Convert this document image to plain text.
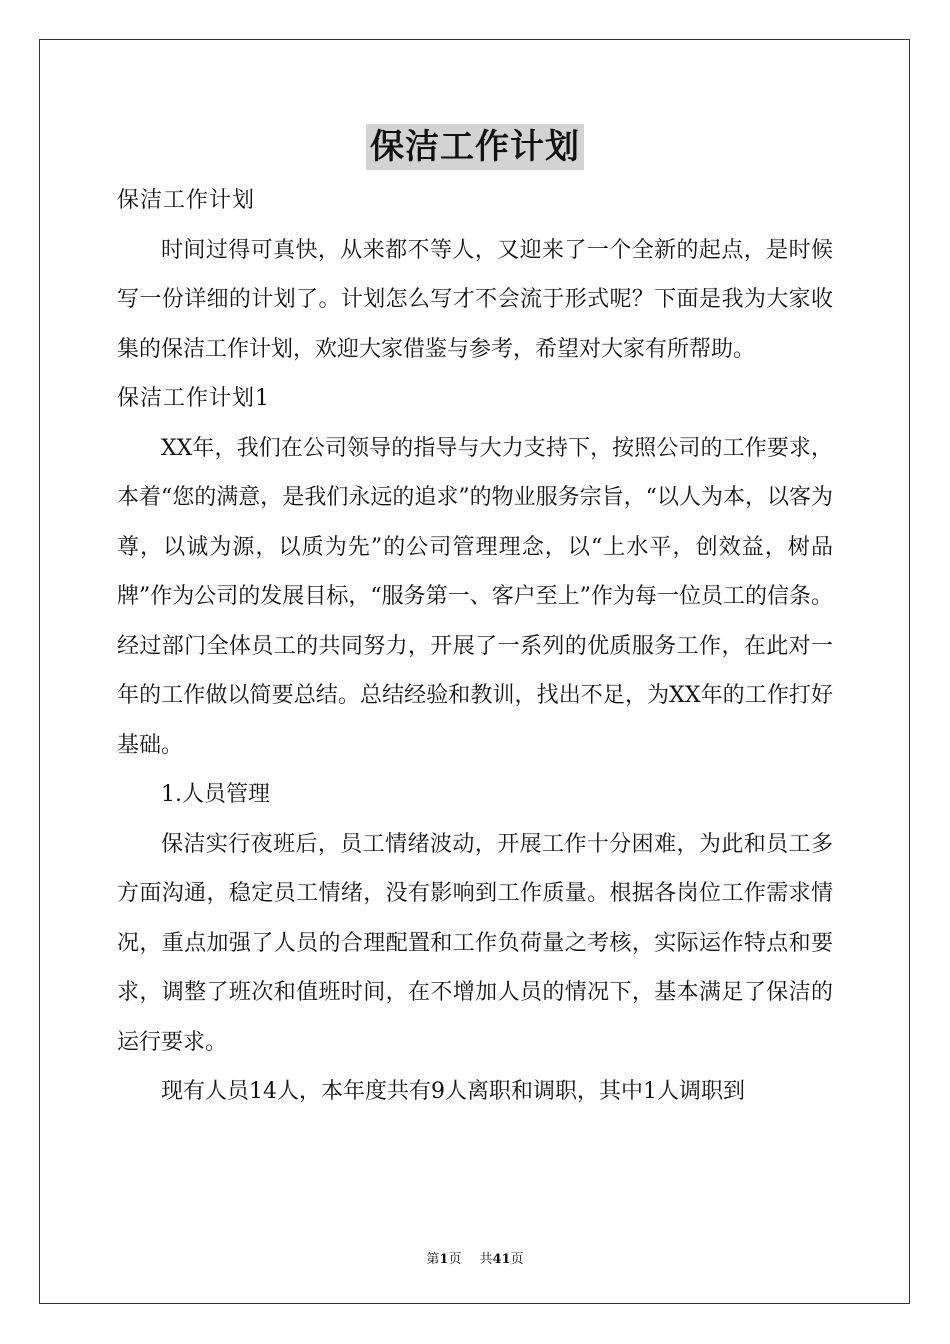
保洁工作计划

保洁工作计划

时间过得可真快，从来都不等人，又迎来了一个全新的起点，是时候写一份详细的计划了。计划怎么写才不会流于形式呢？下面是我为大家收集的保洁工作计划，欢迎大家借鉴与参考，希望对大家有所帮助。

保洁工作计划1

XX年，我们在公司领导的指导与大力支持下，按照公司的工作要求，本着“您的满意，是我们永远的追求”的物业服务宗旨，“以人为本，以客为尊，以诚为源，以质为先”的公司管理理念，以“上水平，创效益，树品牌”作为公司的发展目标，“服务第一、客户至上”作为每一位员工的信条。经过部门全体员工的共同努力，开展了一系列的优质服务工作，在此对一年的工作做以简要总结。总结经验和教训，找出不足，为XX年的工作打好基础。

1.人员管理

保洁实行夜班后，员工情绪波动，开展工作十分困难，为此和员工多方面沟通，稳定员工情绪，没有影响到工作质量。根据各岗位工作需求情况，重点加强了人员的合理配置和工作负荷量之考核，实际运作特点和要求，调整了班次和值班时间，在不增加人员的情况下，基本满足了保洁的运行要求。

现有人员14人，本年度共有9人离职和调职，其中1人调职到

第1页 共41页
